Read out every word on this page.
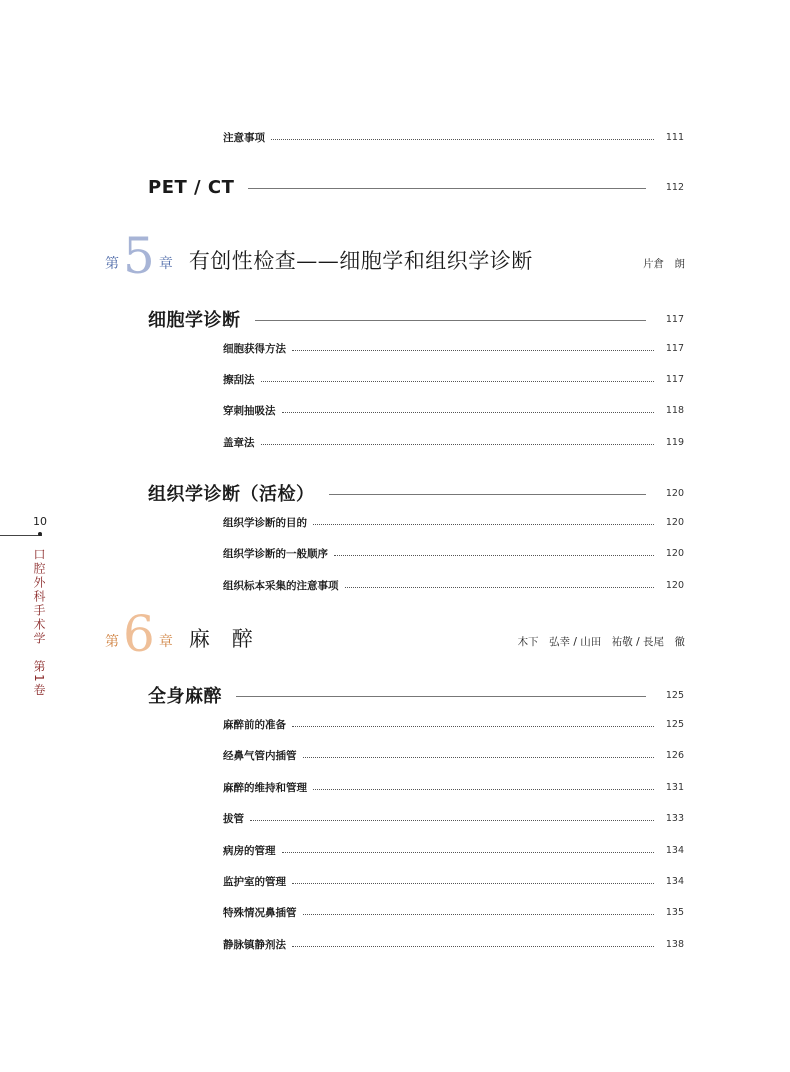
10
口腔外科手术学　第1卷
注意事项	111
PET / CT	112
第 5 章 有创性检查——细胞学和组织学诊断	片倉　朗
细胞学诊断	117
细胞获得方法	117
擦刮法	117
穿刺抽吸法	118
盖章法	119
组织学诊断（活检）	120
组织学诊断的目的	120
组织学诊断的一般顺序	120
组织标本采集的注意事项	120
第 6 章 麻　醉	木下　弘幸 / 山田　祐敬 / 長尾　徹
全身麻醉	125
麻醉前的准备	125
经鼻气管内插管	126
麻醉的维持和管理	131
拔管	133
病房的管理	134
监护室的管理	134
特殊情况鼻插管	135
静脉镇静剂法	138
